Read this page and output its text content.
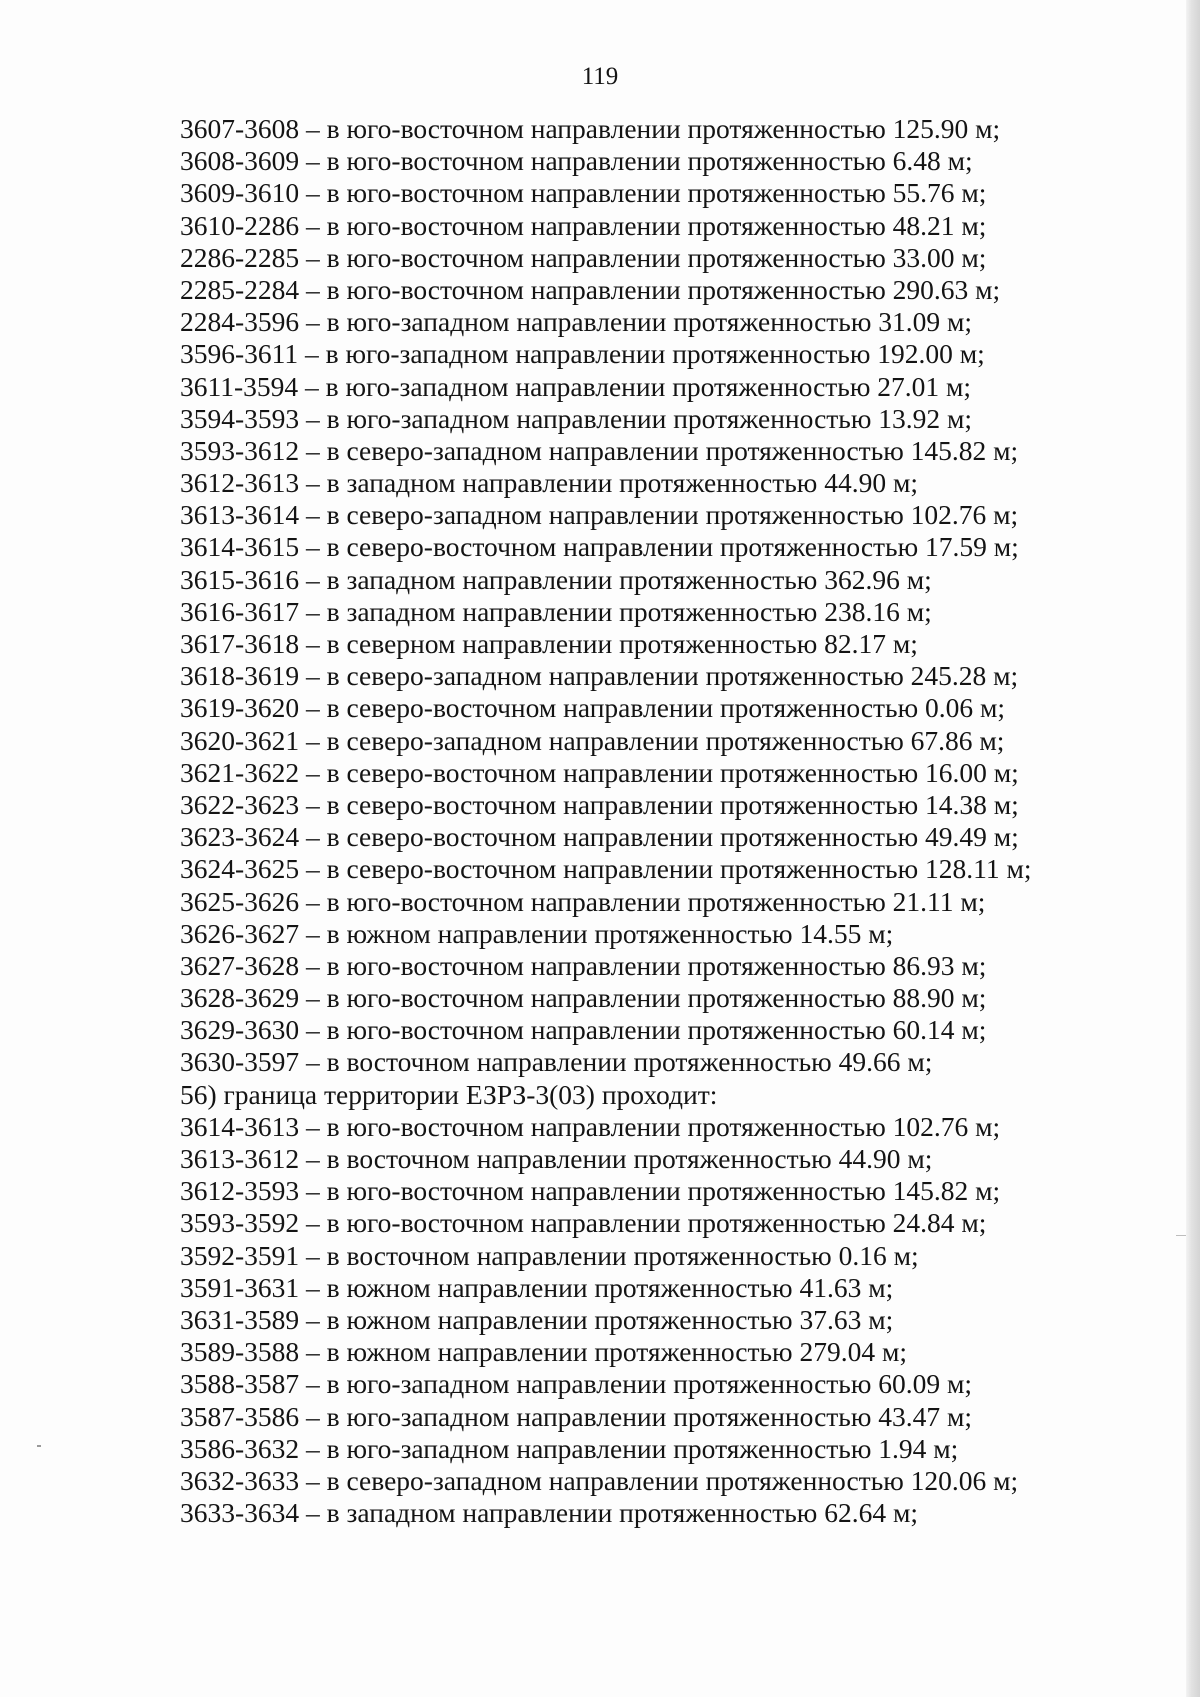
119
3607-3608 – в юго-восточном направлении протяженностью 125.90 м;
3608-3609 – в юго-восточном направлении протяженностью 6.48 м;
3609-3610 – в юго-восточном направлении протяженностью 55.76 м;
3610-2286 – в юго-восточном направлении протяженностью 48.21 м;
2286-2285 – в юго-восточном направлении протяженностью 33.00 м;
2285-2284 – в юго-восточном направлении протяженностью 290.63 м;
2284-3596 – в юго-западном направлении протяженностью 31.09 м;
3596-3611 – в юго-западном направлении протяженностью 192.00 м;
3611-3594 – в юго-западном направлении протяженностью 27.01 м;
3594-3593 – в юго-западном направлении протяженностью 13.92 м;
3593-3612 – в северо-западном направлении протяженностью 145.82 м;
3612-3613 – в западном направлении протяженностью 44.90 м;
3613-3614 – в северо-западном направлении протяженностью 102.76 м;
3614-3615 – в северо-восточном направлении протяженностью 17.59 м;
3615-3616 – в западном направлении протяженностью 362.96 м;
3616-3617 – в западном направлении протяженностью 238.16 м;
3617-3618 – в северном направлении протяженностью 82.17 м;
3618-3619 – в северо-западном направлении протяженностью 245.28 м;
3619-3620 – в северо-восточном направлении протяженностью 0.06 м;
3620-3621 – в северо-западном направлении протяженностью 67.86 м;
3621-3622 – в северо-восточном направлении протяженностью 16.00 м;
3622-3623 – в северо-восточном направлении протяженностью 14.38 м;
3623-3624 – в северо-восточном направлении протяженностью 49.49 м;
3624-3625 – в северо-восточном направлении протяженностью 128.11 м;
3625-3626 – в юго-восточном направлении протяженностью 21.11 м;
3626-3627 – в южном направлении протяженностью 14.55 м;
3627-3628 – в юго-восточном направлении протяженностью 86.93 м;
3628-3629 – в юго-восточном направлении протяженностью 88.90 м;
3629-3630 – в юго-восточном направлении протяженностью 60.14 м;
3630-3597 – в восточном направлении протяженностью 49.66 м;
56) граница территории ЕЗРЗ-3(03) проходит:
3614-3613 – в юго-восточном направлении протяженностью 102.76 м;
3613-3612 – в восточном направлении протяженностью 44.90 м;
3612-3593 – в юго-восточном направлении протяженностью 145.82 м;
3593-3592 – в юго-восточном направлении протяженностью 24.84 м;
3592-3591 – в восточном направлении протяженностью 0.16 м;
3591-3631 – в южном направлении протяженностью 41.63 м;
3631-3589 – в южном направлении протяженностью 37.63 м;
3589-3588 – в южном направлении протяженностью 279.04 м;
3588-3587 – в юго-западном направлении протяженностью 60.09 м;
3587-3586 – в юго-западном направлении протяженностью 43.47 м;
3586-3632 – в юго-западном направлении протяженностью 1.94 м;
3632-3633 – в северо-западном направлении протяженностью 120.06 м;
3633-3634 – в западном направлении протяженностью 62.64 м;
